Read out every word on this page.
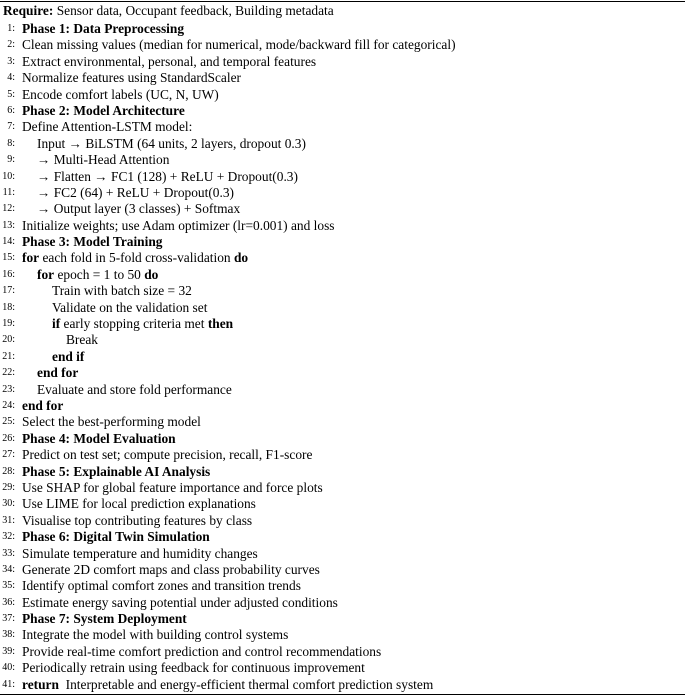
Require: Sensor data, Occupant feedback, Building metadata
1: Phase 1: Data Preprocessing
2: Clean missing values (median for numerical, mode/backward fill for categorical)
3: Extract environmental, personal, and temporal features
4: Normalize features using StandardScaler
5: Encode comfort labels (UC, N, UW)
6: Phase 2: Model Architecture
7: Define Attention-LSTM model:
8: Input → BiLSTM (64 units, 2 layers, dropout 0.3)
9: → Multi-Head Attention
10: → Flatten → FC1 (128) + ReLU + Dropout(0.3)
11: → FC2 (64) + ReLU + Dropout(0.3)
12: → Output layer (3 classes) + Softmax
13: Initialize weights; use Adam optimizer (lr=0.001) and loss
14: Phase 3: Model Training
15: for each fold in 5-fold cross-validation do
16: for epoch = 1 to 50 do
17:	Train with batch size = 32
18:	Validate on the validation set
19:	if early stopping criteria met then
20:	Break
21:	end if
22: end for
23: Evaluate and store fold performance
24: end for
25: Select the best-performing model
26: Phase 4: Model Evaluation
27: Predict on test set; compute precision, recall, F1-score
28: Phase 5: Explainable AI Analysis
29: Use SHAP for global feature importance and force plots
30: Use LIME for local prediction explanations
31: Visualise top contributing features by class
32: Phase 6: Digital Twin Simulation
33: Simulate temperature and humidity changes
34: Generate 2D comfort maps and class probability curves
35: Identify optimal comfort zones and transition trends
36: Estimate energy saving potential under adjusted conditions
37: Phase 7: System Deployment
38: Integrate the model with building control systems
39: Provide real-time comfort prediction and control recommendations
40: Periodically retrain using feedback for continuous improvement
41: return  Interpretable and energy-efficient thermal comfort prediction system
